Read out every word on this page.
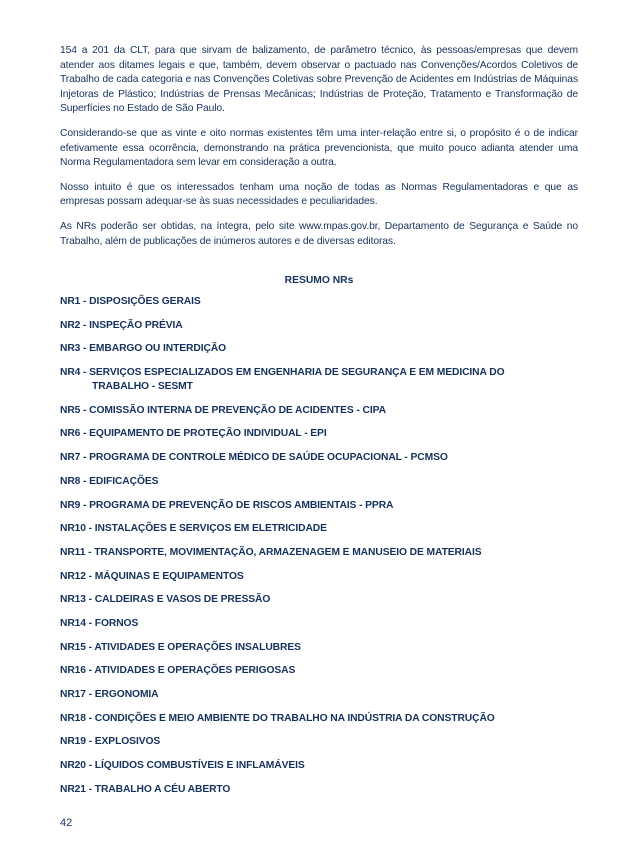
154 a 201 da CLT, para que sirvam de balizamento, de parâmetro técnico, às pessoas/empresas que devem atender aos ditames legais e que, também, devem observar o pactuado nas Convenções/Acordos Coletivos de Trabalho de cada categoria e nas Convenções Coletivas sobre Prevenção de Acidentes em Indústrias de Máquinas Injetoras de Plástico; Indústrias de Prensas Mecânicas; Indústrias de Proteção, Tratamento e Transformação de Superfícies no Estado de São Paulo.

Considerando-se que as vinte e oito normas existentes têm uma inter-relação entre si, o propósito é o de indicar efetivamente essa ocorrência, demonstrando na prática prevencionista, que muito pouco adianta atender uma Norma Regulamentadora sem levar em consideração a outra.

Nosso intuito é que os interessados tenham uma noção de todas as Normas Regulamentadoras e que as empresas possam adequar-se às suas necessidades e peculiaridades.

As NRs poderão ser obtidas, na íntegra, pelo site www.mpas.gov.br, Departamento de Segurança e Saúde no Trabalho, além de publicações de inúmeros autores e de diversas editoras.

RESUMO NRs
NR1 - DISPOSIÇÕES GERAIS
NR2 - INSPEÇÃO PRÉVIA
NR3 - EMBARGO OU INTERDIÇÃO
NR4 - SERVIÇOS ESPECIALIZADOS EM ENGENHARIA DE SEGURANÇA E EM MEDICINA DO
TRABALHO - SESMT
NR5 - COMISSÃO INTERNA DE PREVENÇÃO DE ACIDENTES - CIPA
NR6 - EQUIPAMENTO DE PROTEÇÃO INDIVIDUAL - EPI
NR7 - PROGRAMA DE CONTROLE MÉDICO DE SAÚDE OCUPACIONAL - PCMSO
NR8 - EDIFICAÇÕES
NR9 - PROGRAMA DE PREVENÇÃO DE RISCOS AMBIENTAIS - PPRA
NR10 - INSTALAÇÕES E SERVIÇOS EM ELETRICIDADE
NR11 - TRANSPORTE, MOVIMENTAÇÃO, ARMAZENAGEM E MANUSEIO DE MATERIAIS
NR12 - MÁQUINAS E EQUIPAMENTOS
NR13 - CALDEIRAS E VASOS DE PRESSÃO
NR14 - FORNOS
NR15 - ATIVIDADES E OPERAÇÕES INSALUBRES
NR16 - ATIVIDADES E OPERAÇÕES PERIGOSAS
NR17 - ERGONOMIA
NR18 - CONDIÇÕES E MEIO AMBIENTE DO TRABALHO NA INDÚSTRIA DA CONSTRUÇÃO
NR19 - EXPLOSIVOS
NR20 - LÍQUIDOS COMBUSTÍVEIS E INFLAMÁVEIS
NR21 - TRABALHO A CÉU ABERTO
42
